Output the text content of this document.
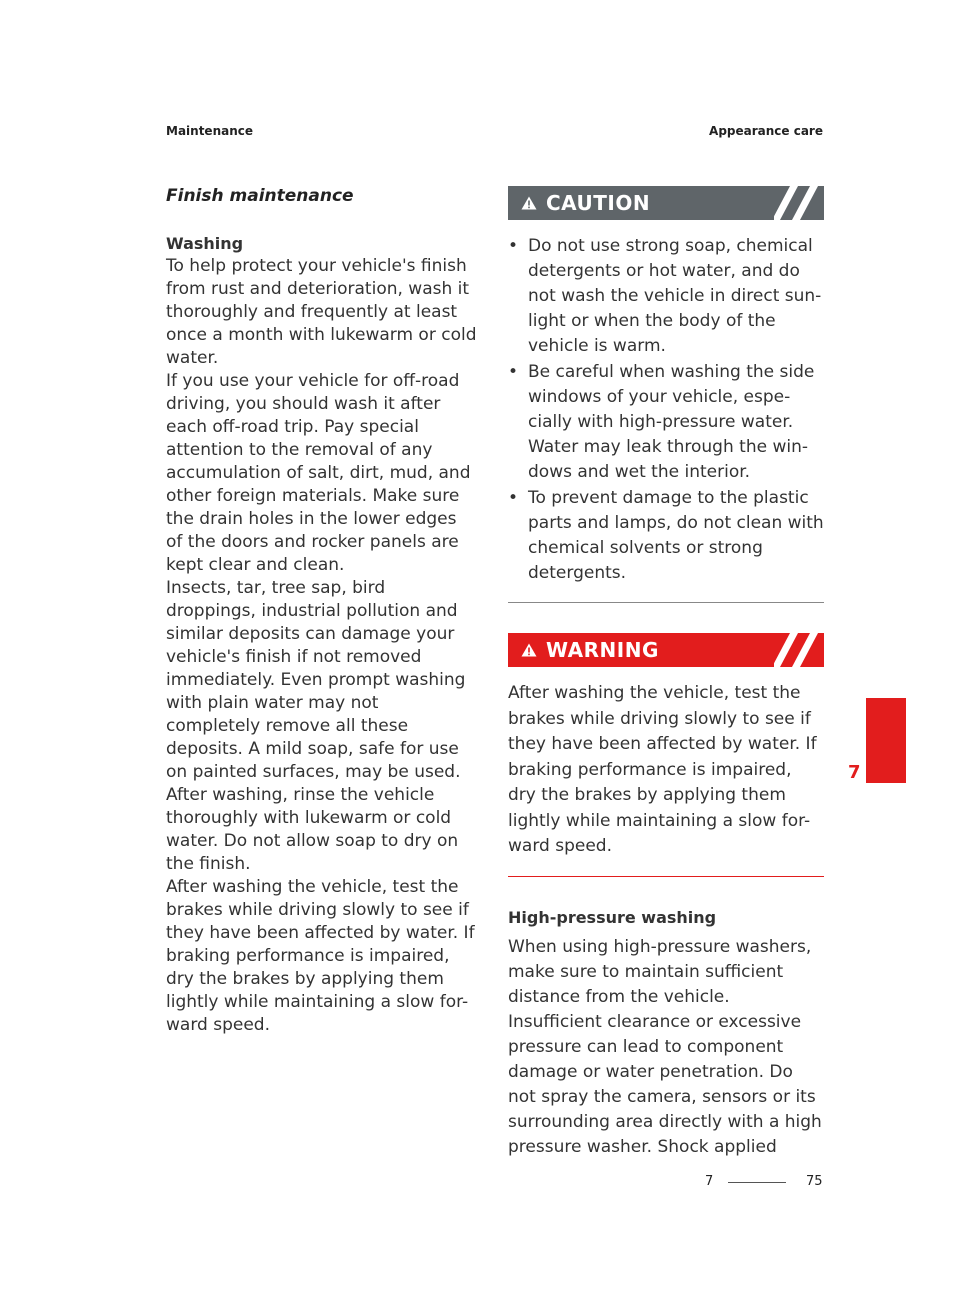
Maintenance	Appearance care
Finish maintenance
Washing

To help protect your vehicle's finish from rust and deterioration, wash it thoroughly and frequently at least once a month with lukewarm or cold water.

If you use your vehicle for off-road driving, you should wash it after each off-road trip. Pay special attention to the removal of any accumulation of salt, dirt, mud, and other foreign materials. Make sure the drain holes in the lower edges of the doors and rocker panels are kept clear and clean.

Insects, tar, tree sap, bird droppings, industrial pollution and similar deposits can damage your vehicle's finish if not removed immediately. Even prompt washing with plain water may not completely remove all these deposits. A mild soap, safe for use on painted surfaces, may be used.

After washing, rinse the vehicle thoroughly with lukewarm or cold water. Do not allow soap to dry on the finish.

After washing the vehicle, test the brakes while driving slowly to see if they have been affected by water. If braking performance is impaired, dry the brakes by applying them lightly while maintaining a slow for-ward speed.

CAUTION
• Do not use strong soap, chemical detergents or hot water, and do not wash the vehicle in direct sun-light or when the body of the vehicle is warm.
• Be careful when washing the side windows of your vehicle, espe-cially with high-pressure water. Water may leak through the win-dows and wet the interior.
• To prevent damage to the plastic parts and lamps, do not clean with chemical solvents or strong detergents.
WARNING

After washing the vehicle, test the brakes while driving slowly to see if they have been affected by water. If braking performance is impaired, dry the brakes by applying them lightly while maintaining a slow for-ward speed.

High-pressure washing

When using high-pressure washers, make sure to maintain sufficient distance from the vehicle. Insufficient clearance or excessive pressure can lead to component damage or water penetration. Do not spray the camera, sensors or its surrounding area directly with a high pressure washer. Shock applied

7
7	75
